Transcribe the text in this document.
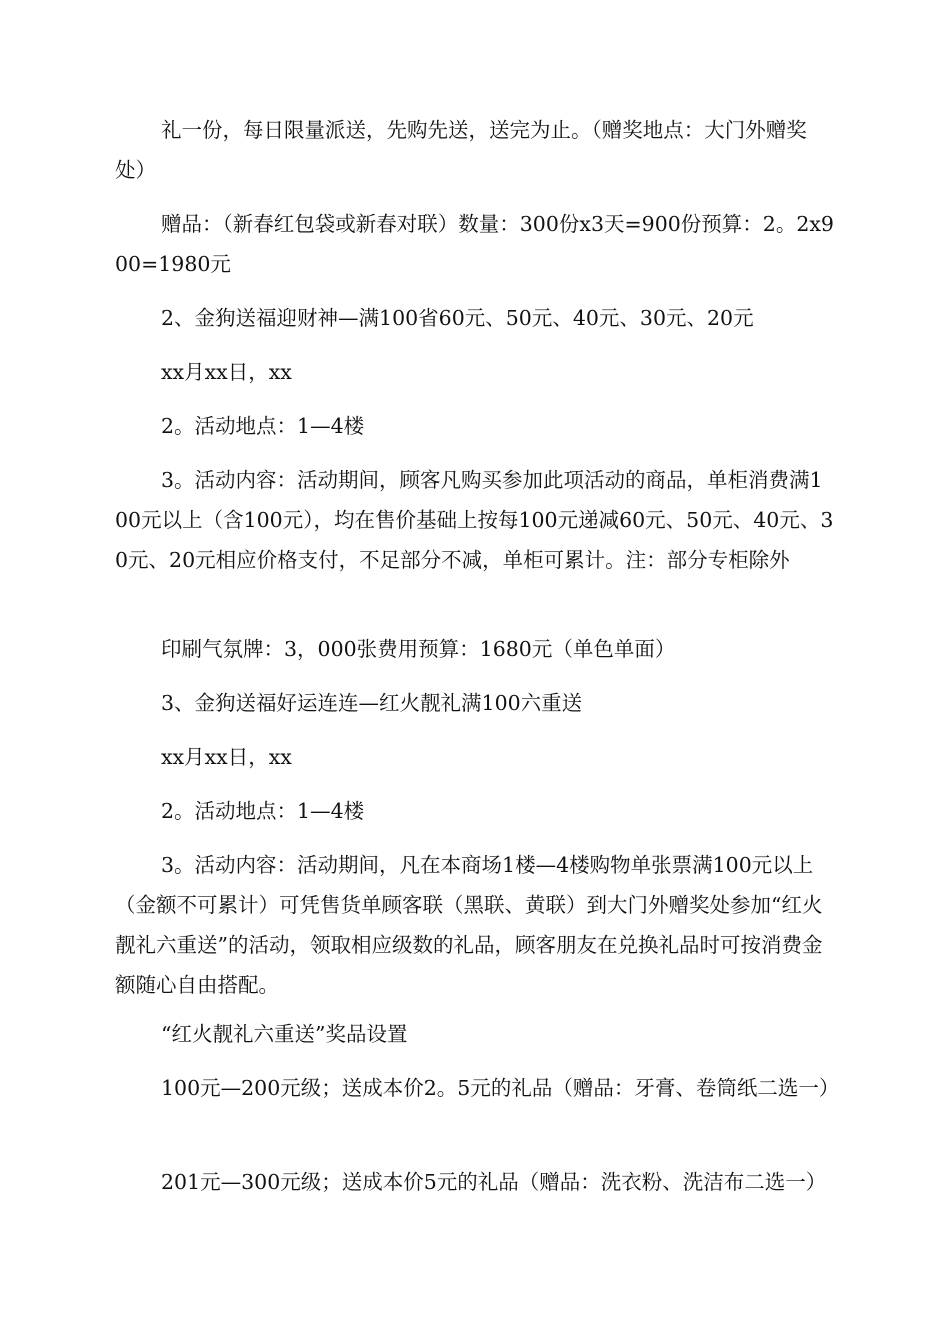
礼一份，每日限量派送，先购先送，送完为止。（赠奖地点：大门外赠奖处）

赠品：（新春红包袋或新春对联）数量：300份x3天=900份预算：2。2x900=1980元

2、金狗送福迎财神—满100省60元、50元、40元、30元、20元

xx月xx日，xx

2。活动地点：1—4楼

3。活动内容：活动期间，顾客凡购买参加此项活动的商品，单柜消费满100元以上（含100元），均在售价基础上按每100元递减60元、50元、40元、30元、20元相应价格支付，不足部分不减，单柜可累计。注：部分专柜除外

印刷气氛牌：3，000张费用预算：1680元（单色单面）

3、金狗送福好运连连—红火靓礼满100六重送

xx月xx日，xx

2。活动地点：1—4楼

3。活动内容：活动期间，凡在本商场1楼—4楼购物单张票满100元以上（金额不可累计）可凭售货单顾客联（黑联、黄联）到大门外赠奖处参加“红火靓礼六重送”的活动，领取相应级数的礼品，顾客朋友在兑换礼品时可按消费金额随心自由搭配。

“红火靓礼六重送”奖品设置

100元—200元级；送成本价2。5元的礼品（赠品：牙膏、卷筒纸二选一）

201元—300元级；送成本价5元的礼品（赠品：洗衣粉、洗洁布二选一）
